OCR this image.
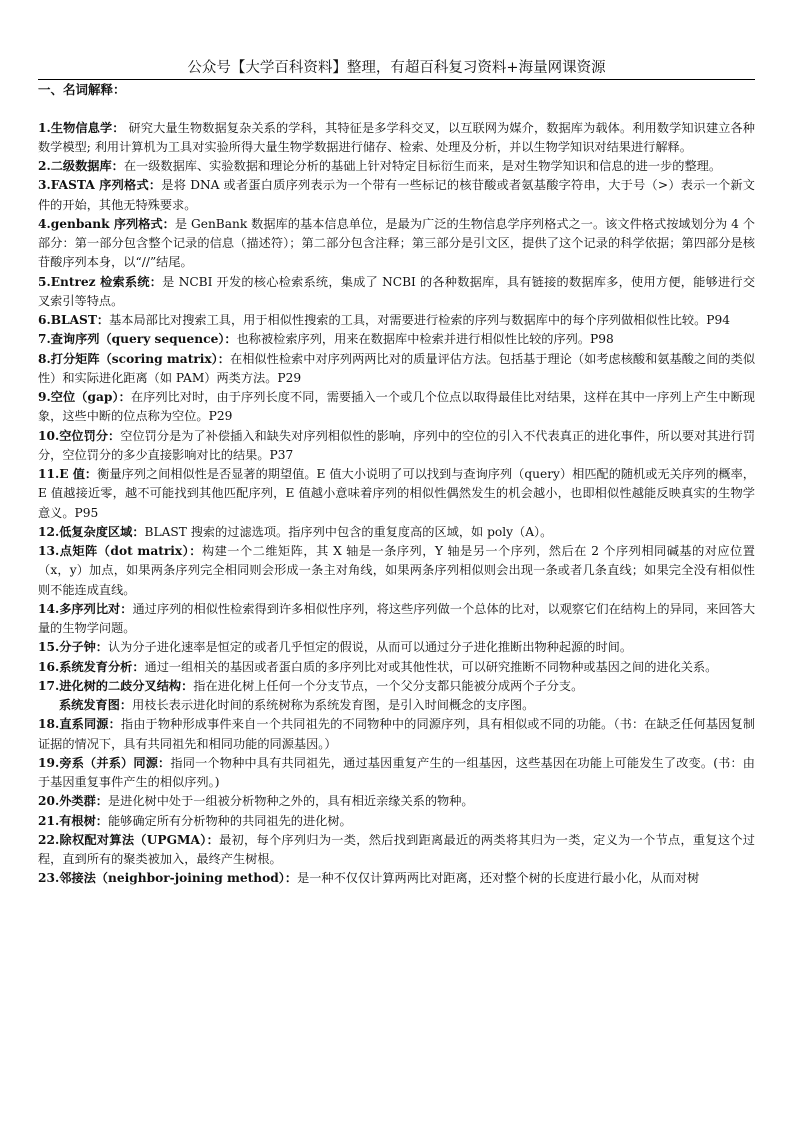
公众号【大学百科资料】整理，有超百科复习资料+海量网课资源

一、名词解释：

1.生物信息学： 研究大量生物数据复杂关系的学科，其特征是多学科交叉，以互联网为媒介，数据库为载体。利用数学知识建立各种数学模型; 利用计算机为工具对实验所得大量生物学数据进行储存、检索、处理及分析，并以生物学知识对结果进行解释。

2.二级数据库：在一级数据库、实验数据和理论分析的基础上针对特定目标衍生而来，是对生物学知识和信息的进一步的整理。

3.FASTA 序列格式：是将 DNA 或者蛋白质序列表示为一个带有一些标记的核苷酸或者氨基酸字符串，大于号（>）表示一个新文件的开始，其他无特殊要求。

4.genbank 序列格式：是 GenBank 数据库的基本信息单位，是最为广泛的生物信息学序列格式之一。该文件格式按域划分为 4 个部分：第一部分包含整个记录的信息（描述符）；第二部分包含注释；第三部分是引文区，提供了这个记录的科学依据；第四部分是核苷酸序列本身，以“//”结尾。

5.Entrez 检索系统：是 NCBI 开发的核心检索系统，集成了 NCBI 的各种数据库，具有链接的数据库多，使用方便，能够进行交叉索引等特点。

6.BLAST：基本局部比对搜索工具，用于相似性搜索的工具，对需要进行检索的序列与数据库中的每个序列做相似性比较。P94

7.查询序列（query sequence）：也称被检索序列，用来在数据库中检索并进行相似性比较的序列。P98

8.打分矩阵（scoring matrix）：在相似性检索中对序列两两比对的质量评估方法。包括基于理论（如考虑核酸和氨基酸之间的类似性）和实际进化距离（如 PAM）两类方法。P29

9.空位（gap）：在序列比对时，由于序列长度不同，需要插入一个或几个位点以取得最佳比对结果，这样在其中一序列上产生中断现象，这些中断的位点称为空位。P29

10.空位罚分：空位罚分是为了补偿插入和缺失对序列相似性的影响，序列中的空位的引入不代表真正的进化事件，所以要对其进行罚分，空位罚分的多少直接影响对比的结果。P37

11.E 值：衡量序列之间相似性是否显著的期望值。E 值大小说明了可以找到与查询序列（query）相匹配的随机或无关序列的概率，E 值越接近零，越不可能找到其他匹配序列，E 值越小意味着序列的相似性偶然发生的机会越小，也即相似性越能反映真实的生物学意义。P95

12.低复杂度区域：BLAST 搜索的过滤选项。指序列中包含的重复度高的区域，如 poly（A）。

13.点矩阵（dot matrix）：构建一个二维矩阵，其 X 轴是一条序列，Y 轴是另一个序列，然后在 2 个序列相同碱基的对应位置（x，y）加点，如果两条序列完全相同则会形成一条主对角线，如果两条序列相似则会出现一条或者几条直线；如果完全没有相似性则不能连成直线。

14.多序列比对：通过序列的相似性检索得到许多相似性序列，将这些序列做一个总体的比对，以观察它们在结构上的异同，来回答大量的生物学问题。

15.分子钟：认为分子进化速率是恒定的或者几乎恒定的假说，从而可以通过分子进化推断出物种起源的时间。

16.系统发育分析：通过一组相关的基因或者蛋白质的多序列比对或其他性状，可以研究推断不同物种或基因之间的进化关系。

17.进化树的二歧分叉结构：指在进化树上任何一个分支节点，一个父分支都只能被分成两个子分支。

系统发育图：用枝长表示进化时间的系统树称为系统发育图，是引入时间概念的支序图。

18.直系同源：指由于物种形成事件来自一个共同祖先的不同物种中的同源序列，具有相似或不同的功能。（书：在缺乏任何基因复制证据的情况下，具有共同祖先和相同功能的同源基因。）

19.旁系（并系）同源：指同一个物种中具有共同祖先，通过基因重复产生的一组基因，这些基因在功能上可能发生了改变。(书：由于基因重复事件产生的相似序列。)

20.外类群：是进化树中处于一组被分析物种之外的，具有相近亲缘关系的物种。

21.有根树：能够确定所有分析物种的共同祖先的进化树。

22.除权配对算法（UPGMA）：最初，每个序列归为一类，然后找到距离最近的两类将其归为一类，定义为一个节点，重复这个过程，直到所有的聚类被加入，最终产生树根。

23.邻接法（neighbor-joining method）：是一种不仅仅计算两两比对距离，还对整个树的长度进行最小化，从而对树
